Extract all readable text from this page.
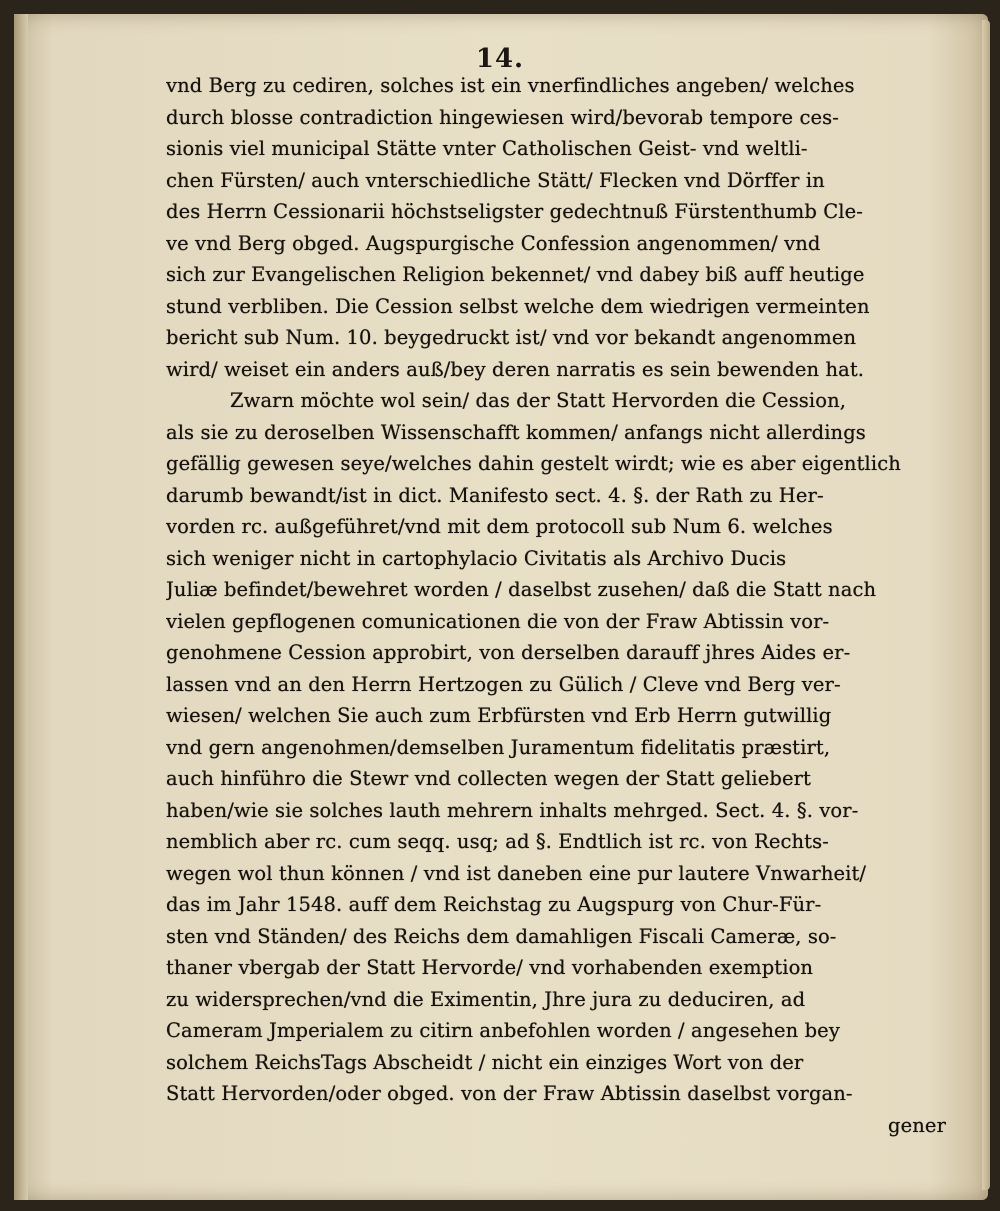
14.
vnd Berg zu cediren, solches ist ein vnerfindliches angeben/ welches
durch blosse contradiction hingewiesen wird/bevorab tempore ces-
sionis viel municipal Stätte vnter Catholischen Geist- vnd weltli-
chen Fürsten/ auch vnterschiedliche Stätt/ Flecken vnd Dörffer in
des Herrn Cessionarii höchstseligster gedechtnuß Fürstenthumb Cle-
ve vnd Berg obged. Augspurgische Confession angenommen/ vnd
sich zur Evangelischen Religion bekennet/ vnd dabey biß auff heutige
stund verbliben. Die Cession selbst welche dem wiedrigen vermeinten
bericht sub Num. 10. beygedruckt ist/ vnd vor bekandt angenommen
wird/ weiset ein anders auß/bey deren narratis es sein bewenden hat.
Zwarn möchte wol sein/ das der Statt Hervorden die Cession,
als sie zu deroselben Wissenschafft kommen/ anfangs nicht allerdings
gefällig gewesen seye/welches dahin gestelt wirdt; wie es aber eigentlich
darumb bewandt/ist in dict. Manifesto sect. 4. §. der Rath zu Her-
vorden rc. außgeführet/vnd mit dem protocoll sub Num 6. welches
sich weniger nicht in cartophylacio Civitatis als Archivo Ducis
Juliæ befindet/bewehret worden / daselbst zusehen/ daß die Statt nach
vielen gepflogenen comunicationen die von der Fraw Abtissin vor-
genohmene Cession approbirt, von derselben darauff jhres Aides er-
lassen vnd an den Herrn Hertzogen zu Gülich / Cleve vnd Berg ver-
wiesen/ welchen Sie auch zum Erbfürsten vnd Erb Herrn gutwillig
vnd gern angenohmen/demselben Juramentum fidelitatis præstirt,
auch hinführo die Stewr vnd collecten wegen der Statt geliebert
haben/wie sie solches lauth mehrern inhalts mehrged. Sect. 4. §. vor-
nemblich aber rc. cum seqq. usq; ad §. Endtlich ist rc. von Rechts-
wegen wol thun können / vnd ist daneben eine pur lautere Vnwarheit/
das im Jahr 1548. auff dem Reichstag zu Augspurg von Chur-Für-
sten vnd Ständen/ des Reichs dem damahligen Fiscali Cameræ, so-
thaner vbergab der Statt Hervorde/ vnd vorhabenden exemption
zu widersprechen/vnd die Eximentin, Jhre jura zu deduciren, ad
Cameram Jmperialem zu citirn anbefohlen worden / angesehen bey
solchem ReichsTags Abscheidt / nicht ein einziges Wort von der
Statt Hervorden/oder obged. von der Fraw Abtissin daselbst vorgan-
gener
